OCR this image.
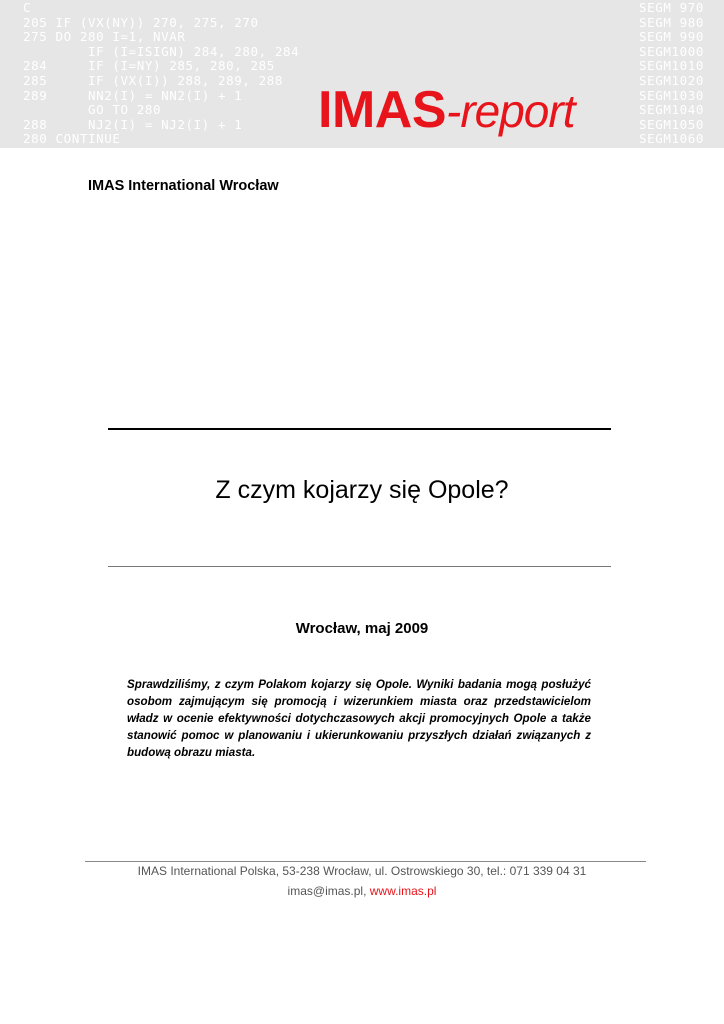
C	SEGM 970
205 IF (VX(NY)) 270, 275, 270	SEGM 980
275 DO 280 I=1, NVAR	SEGM 990
IF (I=ISIGN) 284, 280, 284	SEGM1000
284     IF (I=NY) 285, 280, 285	SEGM1010
285     IF (VX(I)) 288, 289, 288	SEGM1020
289     NN2(I) = NN2(I) + 1	SEGM1030
GO TO 280	SEGM1040
288     NJ2(I) = NJ2(I) + 1	SEGM1050
280 CONTINUE	SEGM1060
IMAS-report
IMAS International Wrocław
Z czym kojarzy się Opole?
Wrocław, maj 2009

Sprawdziliśmy, z czym Polakom kojarzy się Opole. Wyniki badania mogą posłużyć osobom zajmującym się promocją i wizerunkiem miasta oraz przedstawicielom władz w ocenie efektywności dotychczasowych akcji promocyjnych Opole a także stanowić pomoc w planowaniu i ukierunkowaniu przyszłych działań związanych z budową obrazu miasta.

IMAS International Polska, 53-238 Wrocław, ul. Ostrowskiego 30, tel.: 071 339 04 31
imas@imas.pl, www.imas.pl
